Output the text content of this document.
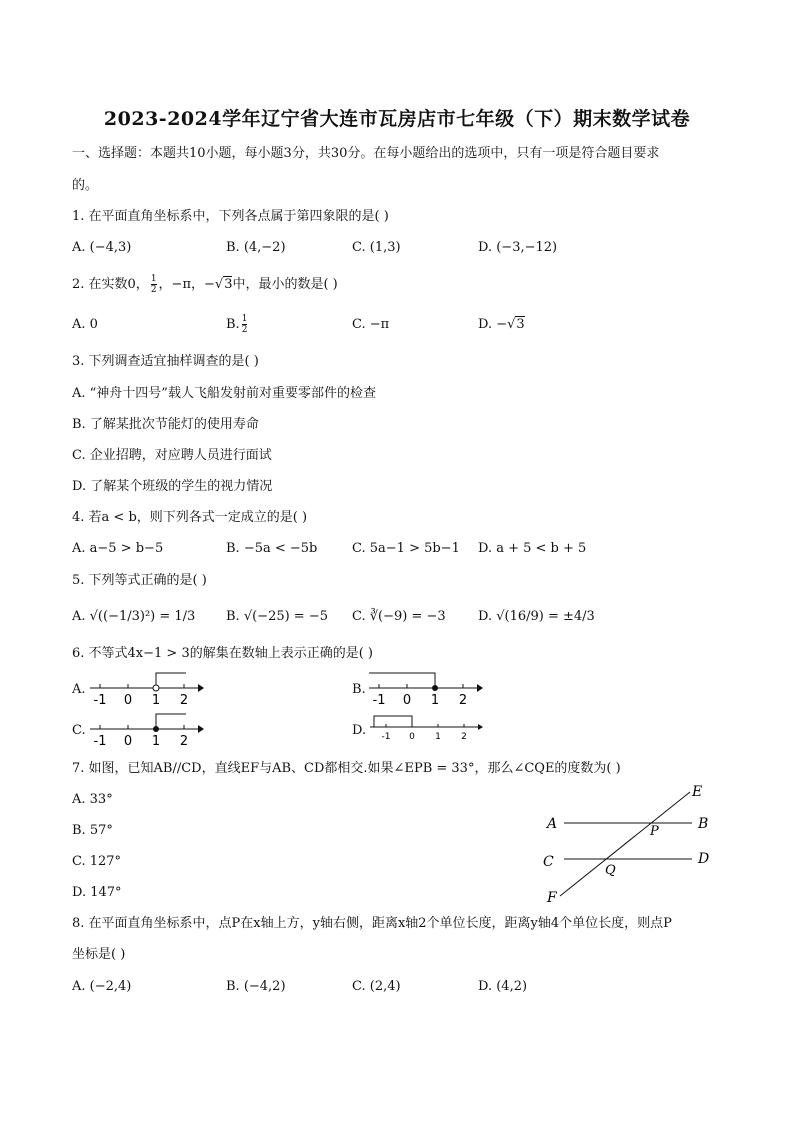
2023-2024学年辽宁省大连市瓦房店市七年级（下）期末数学试卷
一、选择题：本题共10小题，每小题3分，共30分。在每小题给出的选项中，只有一项是符合题目要求
的。
1. 在平面直角坐标系中，下列各点属于第四象限的是( )
A. (−4,3)	B. (4,−2)	C. (1,3)	D. (−3,−12)
2. 在实数0， $\frac{1}{2}$ ，−π，−√3中，最小的数是( )
A. 0	B. $\frac{1}{2}$	C. −π	D. −√3
3. 下列调查适宜抽样调查的是( )
A. “神舟十四号”载人飞船发射前对重要零部件的检查
B. 了解某批次节能灯的使用寿命
C. 企业招聘，对应聘人员进行面试
D. 了解某个班级的学生的视力情况
4. 若a < b，则下列各式一定成立的是( )
A. a−5 > b−5	B. −5a < −5b	C. 5a−1 > 5b−1 D. a + 5 < b + 5
5. 下列等式正确的是( )
A. √((−1/3)²) = 1/3 B. √(−25) = −5 C. ∛(−9) = −3 D. √(16/9) = ±4/3
6. 不等式4x−1 > 3的解集在数轴上表示正确的是( )
A.
-1 0 1 2
B.
-1 0 1 2
C.
-1 0 1 2
D. -1 0 1 2
7. 如图，已知AB//CD，直线EF与AB、CD都相交.如果∠EPB = 33°，那么∠CQE的度数为( )
A. 33°
B. 57°
C. 127°
D. 147°
A	B
C	D
E
F
P
Q
8. 在平面直角坐标系中，点P在x轴上方，y轴右侧，距离x轴2个单位长度，距离y轴4个单位长度，则点P
坐标是( )
A. (−2,4)	B. (−4,2)	C. (2,4)	D. (4,2)
